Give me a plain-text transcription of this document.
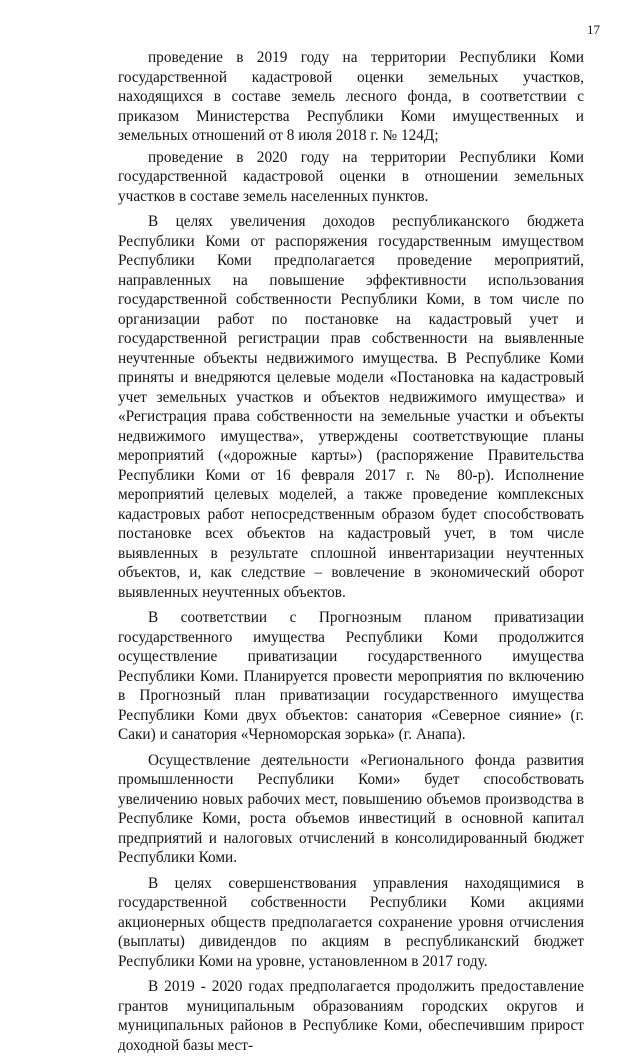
17

проведение в 2019 году на территории Республики Коми государственной кадастровой оценки земельных участков, находящихся в составе земель лесного фонда, в соответствии с приказом Министерства Республики Коми имущественных и земельных отношений от 8 июля 2018 г. № 124Д;

проведение в 2020 году на территории Республики Коми государственной кадастровой оценки в отношении земельных участков в составе земель населенных пунктов.

В целях увеличения доходов республиканского бюджета Республики Коми от распоряжения государственным имуществом Республики Коми предполагается проведение мероприятий, направленных на повышение эффективности использования государственной собственности Республики Коми, в том числе по организации работ по постановке на кадастровый учет и государственной регистрации прав собственности на выявленные неучтенные объекты недвижимого имущества. В Республике Коми приняты и внедряются целевые модели «Постановка на кадастровый учет земельных участков и объектов недвижимого имущества» и «Регистрация права собственности на земельные участки и объекты недвижимого имущества», утверждены соответствующие планы мероприятий («дорожные карты») (распоряжение Правительства Республики Коми от 16 февраля 2017 г. № 80-р). Исполнение мероприятий целевых моделей, а также проведение комплексных кадастровых работ непосредственным образом будет способствовать постановке всех объектов на кадастровый учет, в том числе выявленных в результате сплошной инвентаризации неучтенных объектов, и, как следствие – вовлечение в экономический оборот выявленных неучтенных объектов.

В соответствии с Прогнозным планом приватизации государственного имущества Республики Коми продолжится осуществление приватизации государственного имущества Республики Коми. Планируется провести мероприятия по включению в Прогнозный план приватизации государственного имущества Республики Коми двух объектов: санатория «Северное сияние» (г. Саки) и санатория «Черноморская зорька» (г. Анапа).

Осуществление деятельности «Регионального фонда развития промышленности Республики Коми» будет способствовать увеличению новых рабочих мест, повышению объемов производства в Республике Коми, роста объемов инвестиций в основной капитал предприятий и налоговых отчислений в консолидированный бюджет Республики Коми.

В целях совершенствования управления находящимися в государственной собственности Республики Коми акциями акционерных обществ предполагается сохранение уровня отчисления (выплаты) дивидендов по акциям в республиканский бюджет Республики Коми на уровне, установленном в 2017 году.

В 2019 - 2020 годах предполагается продолжить предоставление грантов муниципальным образованиям городских округов и муниципальных районов в Республике Коми, обеспечившим прирост доходной базы мест-
